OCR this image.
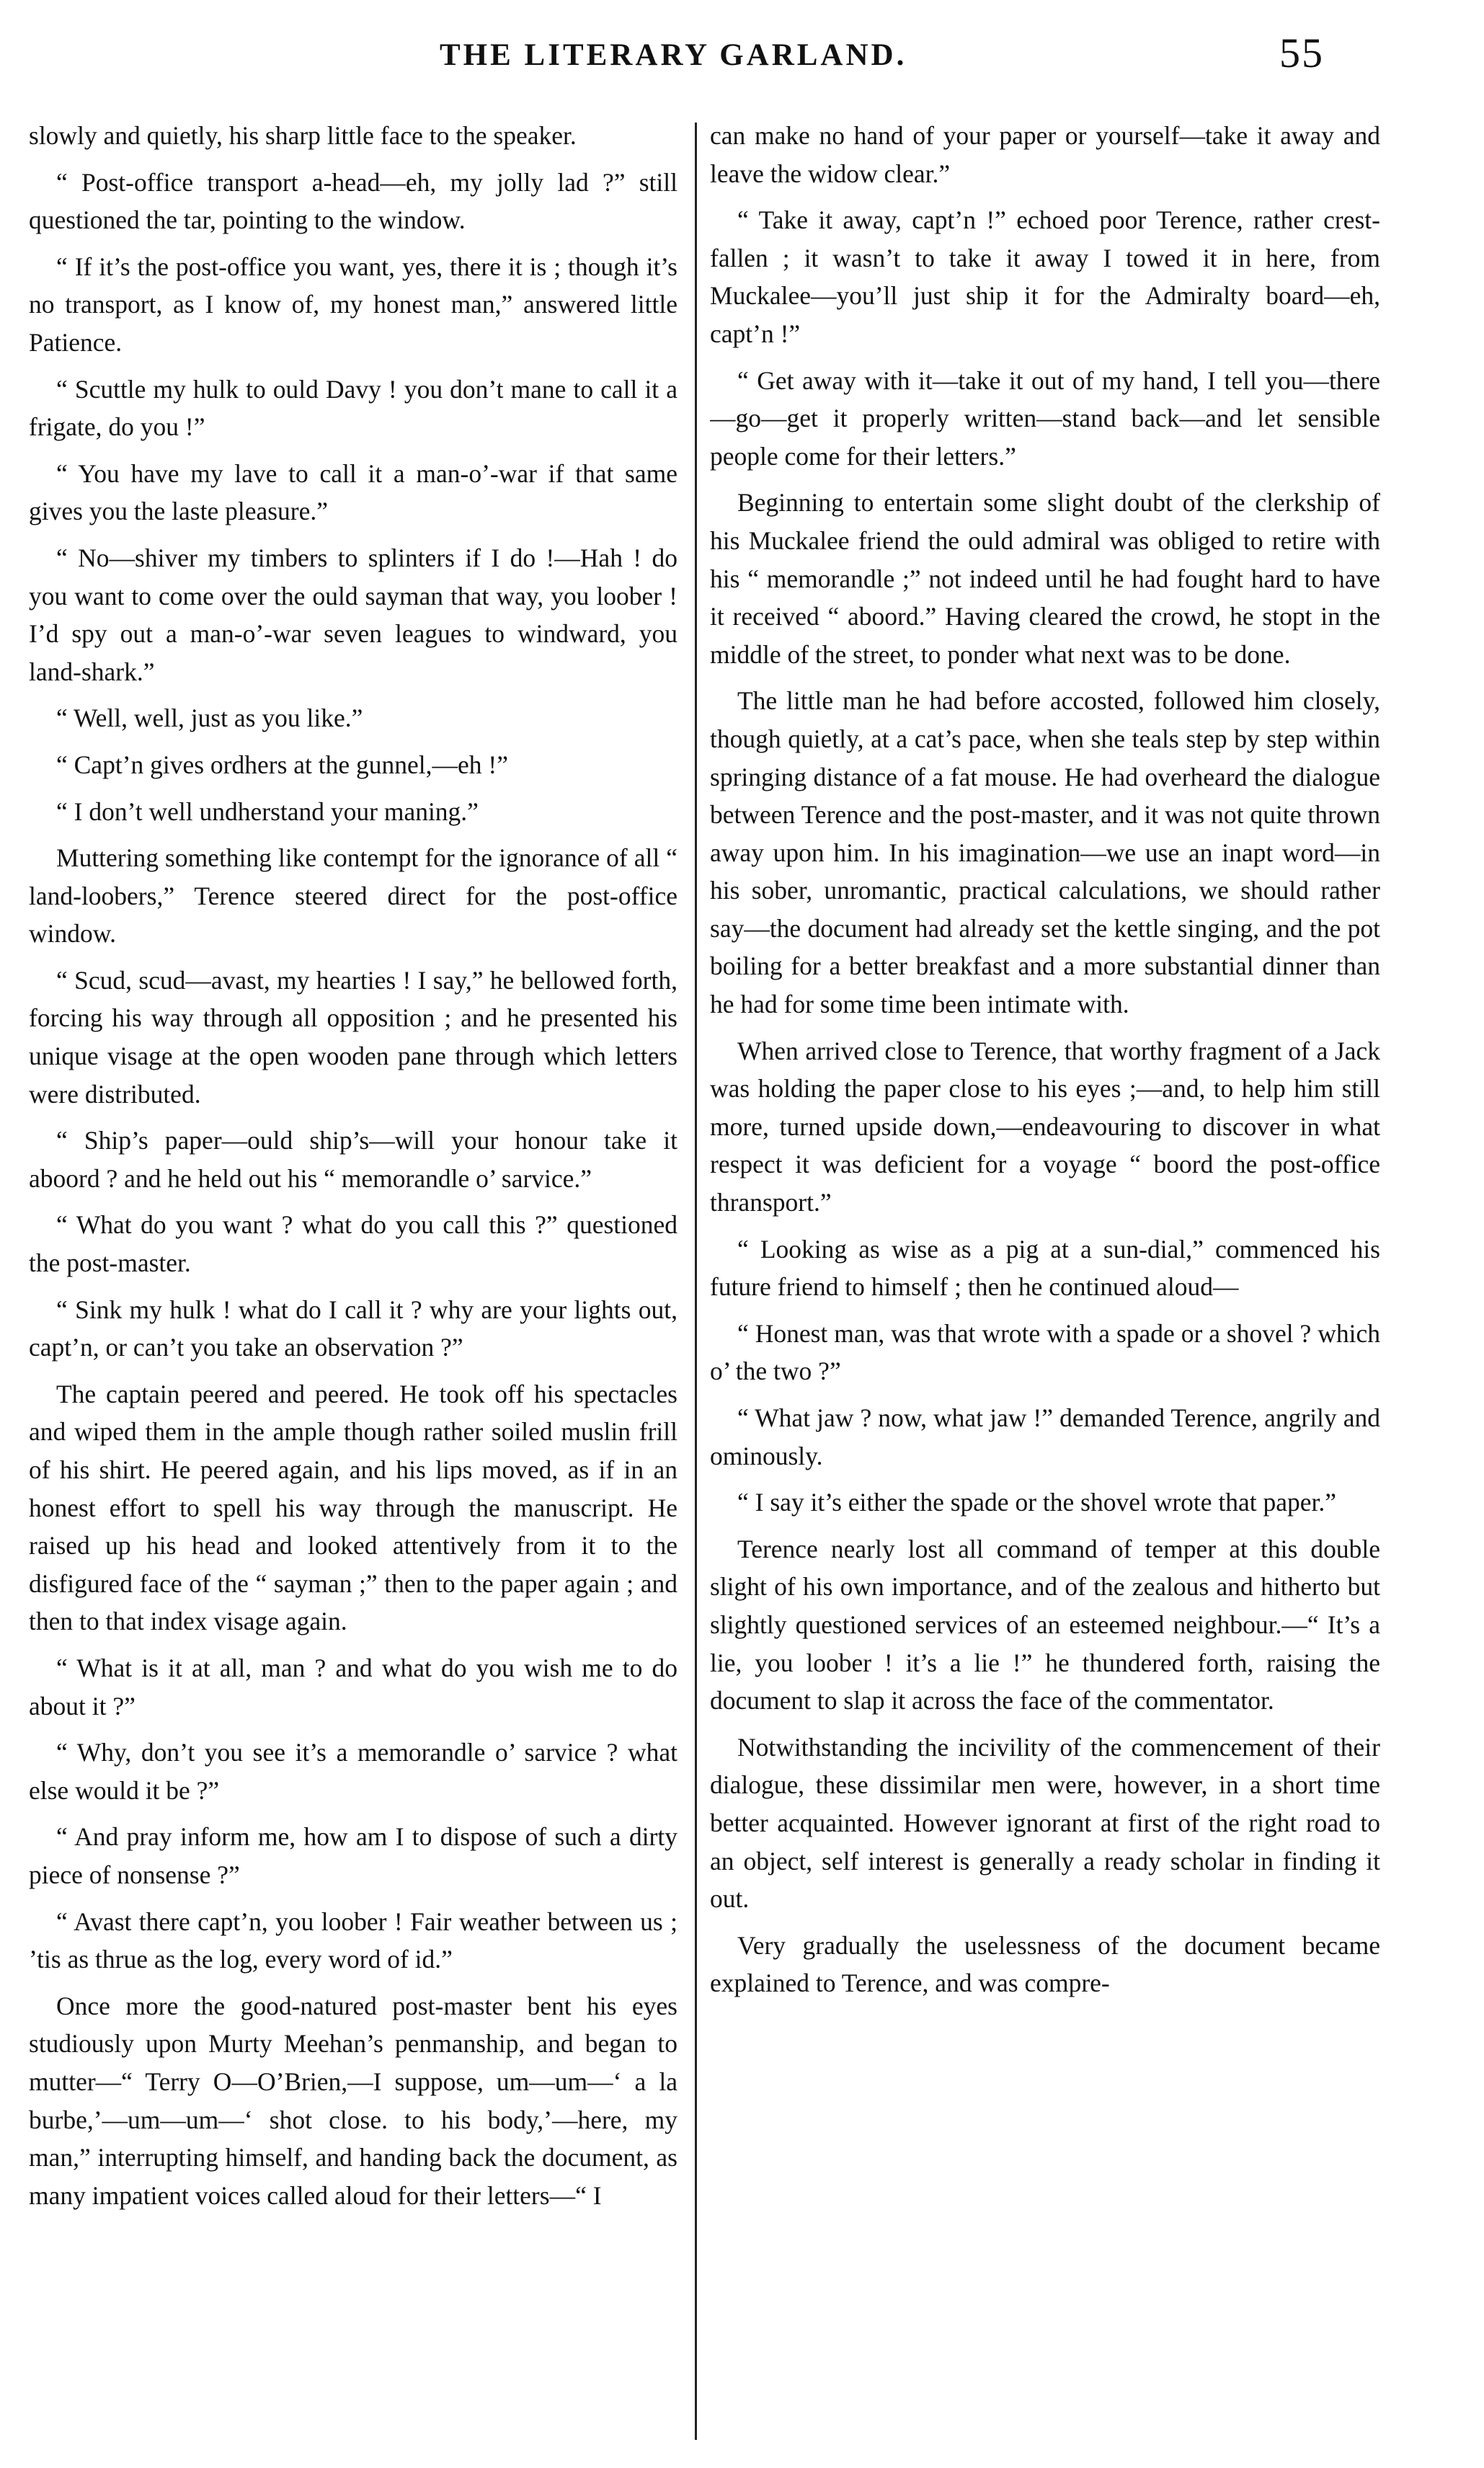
THE LITERARY GARLAND.	55

slowly and quietly, his sharp little face to the speaker.

“ Post-office transport a-head—eh, my jolly lad ?” still questioned the tar, pointing to the window.

“ If it’s the post-office you want, yes, there it is ; though it’s no transport, as I know of, my honest man,” answered little Patience.

“ Scuttle my hulk to ould Davy ! you don’t mane to call it a frigate, do you !”

“ You have my lave to call it a man-o’-war if that same gives you the laste pleasure.”

“ No—shiver my timbers to splinters if I do !—Hah ! do you want to come over the ould sayman that way, you loober ! I’d spy out a man-o’-war seven leagues to windward, you land-shark.”

“ Well, well, just as you like.”

“ Capt’n gives ordhers at the gunnel,—eh !”

“ I don’t well undherstand your maning.”

Muttering something like contempt for the ignorance of all “ land-loobers,” Terence steered direct for the post-office window.

“ Scud, scud—avast, my hearties ! I say,” he bellowed forth, forcing his way through all opposition ; and he presented his unique visage at the open wooden pane through which letters were distributed.

“ Ship’s paper—ould ship’s—will your honour take it aboord ? and he held out his “ memorandle o’ sarvice.”

“ What do you want ? what do you call this ?” questioned the post-master.

“ Sink my hulk ! what do I call it ? why are your lights out, capt’n, or can’t you take an observation ?”

The captain peered and peered. He took off his spectacles and wiped them in the ample though rather soiled muslin frill of his shirt. He peered again, and his lips moved, as if in an honest effort to spell his way through the manuscript. He raised up his head and looked attentively from it to the disfigured face of the “ sayman ;” then to the paper again ; and then to that index visage again.

“ What is it at all, man ? and what do you wish me to do about it ?”

“ Why, don’t you see it’s a memorandle o’ sarvice ? what else would it be ?”

“ And pray inform me, how am I to dispose of such a dirty piece of nonsense ?”

“ Avast there capt’n, you loober ! Fair weather between us ; ’tis as thrue as the log, every word of id.”

Once more the good-natured post-master bent his eyes studiously upon Murty Meehan’s penmanship, and began to mutter—“ Terry O—O’Brien,—I suppose, um—um—‘ a la burbe,’—um—um—‘ shot close. to his body,’—here, my man,” interrupting himself, and handing back the document, as many impatient voices called aloud for their letters—“ I

can make no hand of your paper or yourself—take it away and leave the widow clear.”

“ Take it away, capt’n !” echoed poor Terence, rather crest-fallen ; it wasn’t to take it away I towed it in here, from Muckalee—you’ll just ship it for the Admiralty board—eh, capt’n !”

“ Get away with it—take it out of my hand, I tell you—there—go—get it properly written—stand back—and let sensible people come for their letters.”

Beginning to entertain some slight doubt of the clerkship of his Muckalee friend the ould admiral was obliged to retire with his “ memorandle ;” not indeed until he had fought hard to have it received “ aboord.” Having cleared the crowd, he stopt in the middle of the street, to ponder what next was to be done.

The little man he had before accosted, followed him closely, though quietly, at a cat’s pace, when she teals step by step within springing distance of a fat mouse. He had overheard the dialogue between Terence and the post-master, and it was not quite thrown away upon him. In his imagination—we use an inapt word—in his sober, unromantic, practical calculations, we should rather say—the document had already set the kettle singing, and the pot boiling for a better breakfast and a more substantial dinner than he had for some time been intimate with.

When arrived close to Terence, that worthy fragment of a Jack was holding the paper close to his eyes ;—and, to help him still more, turned upside down,—endeavouring to discover in what respect it was deficient for a voyage “ boord the post-office thransport.”

“ Looking as wise as a pig at a sun-dial,” commenced his future friend to himself ; then he continued aloud—

“ Honest man, was that wrote with a spade or a shovel ? which o’ the two ?”

“ What jaw ? now, what jaw !” demanded Terence, angrily and ominously.

“ I say it’s either the spade or the shovel wrote that paper.”

Terence nearly lost all command of temper at this double slight of his own importance, and of the zealous and hitherto but slightly questioned services of an esteemed neighbour.—“ It’s a lie, you loober ! it’s a lie !” he thundered forth, raising the document to slap it across the face of the commentator.

Notwithstanding the incivility of the commencement of their dialogue, these dissimilar men were, however, in a short time better acquainted. However ignorant at first of the right road to an object, self interest is generally a ready scholar in finding it out.

Very gradually the uselessness of the document became explained to Terence, and was compre-
